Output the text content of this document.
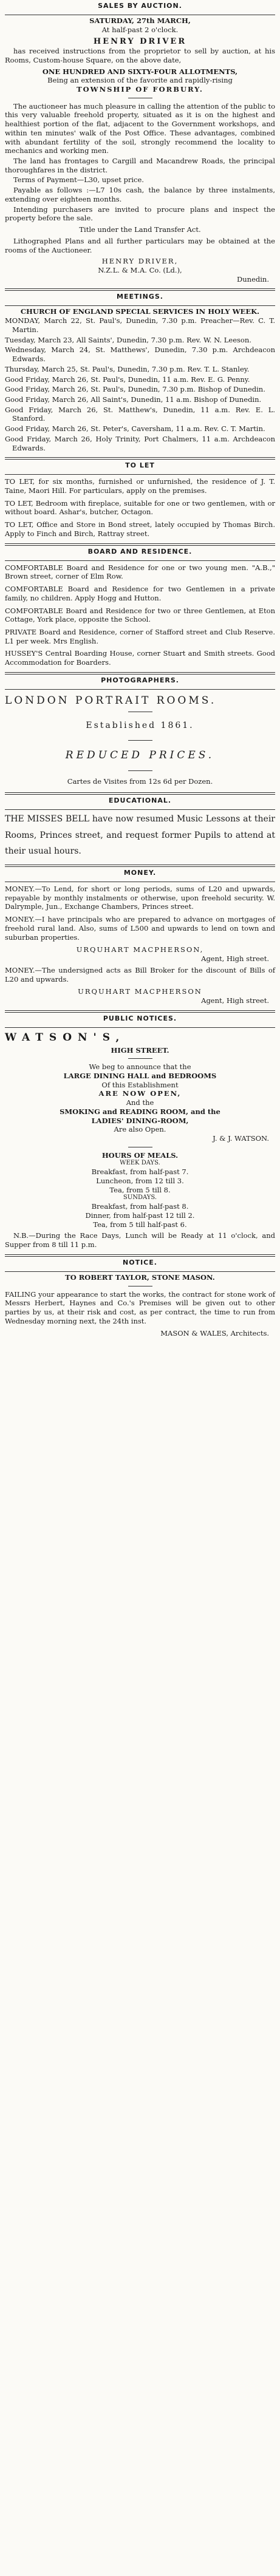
SALES BY AUCTION.
SATURDAY, 27th MARCH,
At half-past 2 o'clock.
HENRY DRIVER

has received instructions from the proprietor to sell by auction, at his Rooms, Custom-house Square, on the above date,

ONE HUNDRED AND SIXTY-FOUR ALLOTMENTS,
Being an extension of the favorite and rapidly-rising
TOWNSHIP OF FORBURY.

The auctioneer has much pleasure in calling the attention of the public to this very valuable freehold property, situated as it is on the highest and healthiest portion of the flat, adjacent to the Government workshops, and within ten minutes' walk of the Post Office. These advantages, combined with abundant fertility of the soil, strongly recommend the locality to mechanics and working men.

The land has frontages to Cargill and Macandrew Roads, the principal thoroughfares in the district.

Terms of Payment—L30, upset price.

Payable as follows :—L7 10s cash, the balance by three instalments, extending over eighteen months.

Intending purchasers are invited to procure plans and inspect the property before the sale.

Title under the Land Transfer Act.

Lithographed Plans and all further particulars may be obtained at the rooms of the Auctioneer.

HENRY DRIVER,
N.Z.L. & M.A. Co. (Ld.),
Dunedin.
MEETINGS.
CHURCH OF ENGLAND SPECIAL SERVICES IN HOLY WEEK.

MONDAY, March 22, St. Paul's, Dunedin, 7.30 p.m. Preacher—Rev. C. T. Martin.

Tuesday, March 23, All Saints', Dunedin, 7.30 p.m. Rev. W. N. Leeson.

Wednesday, March 24, St. Matthews', Dunedin, 7.30 p.m. Archdeacon Edwards.

Thursday, March 25, St. Paul's, Dunedin, 7.30 p.m. Rev. T. L. Stanley.

Good Friday, March 26, St. Paul's, Dunedin, 11 a.m. Rev. E. G. Penny.

Good Friday, March 26, St. Paul's, Dunedin, 7.30 p.m. Bishop of Dunedin.

Good Friday, March 26, All Saint's, Dunedin, 11 a.m. Bishop of Dunedin.

Good Friday, March 26, St. Matthew's, Dunedin, 11 a.m. Rev. E. L. Stanford.

Good Friday, March 26, St. Peter's, Caversham, 11 a.m. Rev. C. T. Martin.

Good Friday, March 26, Holy Trinity, Port Chalmers, 11 a.m. Archdeacon Edwards.

TO LET

TO LET, for six months, furnished or unfurnished, the residence of J. T. Taine, Maori Hill. For particulars, apply on the premises.

TO LET, Bedroom with fireplace, suitable for one or two gentlemen, with or without board. Ashar's, butcher, Octagon.

TO LET, Office and Store in Bond street, lately occupied by Thomas Birch. Apply to Finch and Birch, Rattray street.

BOARD AND RESIDENCE.

COMFORTABLE Board and Residence for one or two young men. "A.B.," Brown street, corner of Elm Row.

COMFORTABLE Board and Residence for two Gentlemen in a private family, no children. Apply Hogg and Hutton.

COMFORTABLE Board and Residence for two or three Gentlemen, at Eton Cottage, York place, opposite the School.

PRIVATE Board and Residence, corner of Stafford street and Club Reserve. L1 per week. Mrs English.

HUSSEY'S Central Boarding House, corner Stuart and Smith streets. Good Accommodation for Boarders.

PHOTOGRAPHERS.
LONDON PORTRAIT ROOMS.
Established 1861.
REDUCED PRICES.
Cartes de Visites from 12s 6d per Dozen.
EDUCATIONAL.

THE MISSES BELL have now resumed Music Lessons at their Rooms, Princes street, and request former Pupils to attend at their usual hours.

MONEY.

MONEY.—To Lend, for short or long periods, sums of L20 and upwards, repayable by monthly instalments or otherwise, upon freehold security. W. Dalrymple, Jun., Exchange Chambers, Princes street.

MONEY.—I have principals who are prepared to advance on mortgages of freehold rural land. Also, sums of L500 and upwards to lend on town and suburban properties.

URQUHART MACPHERSON,
Agent, High street.

MONEY.—The undersigned acts as Bill Broker for the discount of Bills of L20 and upwards.

URQUHART MACPHERSON
Agent, High street.
PUBLIC NOTICES.
WATSON'S,
HIGH STREET.
We beg to announce that the
LARGE DINING HALL and BEDROOMS
Of this Establishment
ARE NOW OPEN,
And the
SMOKING and READING ROOM, and the
LADIES' DINING-ROOM,
Are also Open.
J. & J. WATSON.
HOURS OF MEALS.
WEEK DAYS.
Breakfast, from half-past 7.
Luncheon, from 12 till 3.
Tea, from 5 till 8.
SUNDAYS.
Breakfast, from half-past 8.
Dinner, from half-past 12 till 2.
Tea, from 5 till half-past 6.

N.B.—During the Race Days, Lunch will be Ready at 11 o'clock, and Supper from 8 till 11 p.m.

NOTICE.
TO ROBERT TAYLOR, STONE MASON.

FAILING your appearance to start the works, the contract for stone work of Messrs Herbert, Haynes and Co.'s Premises will be given out to other parties by us, at their risk and cost, as per contract, the time to run from Wednesday morning next, the 24th inst.

MASON & WALES, Architects.
